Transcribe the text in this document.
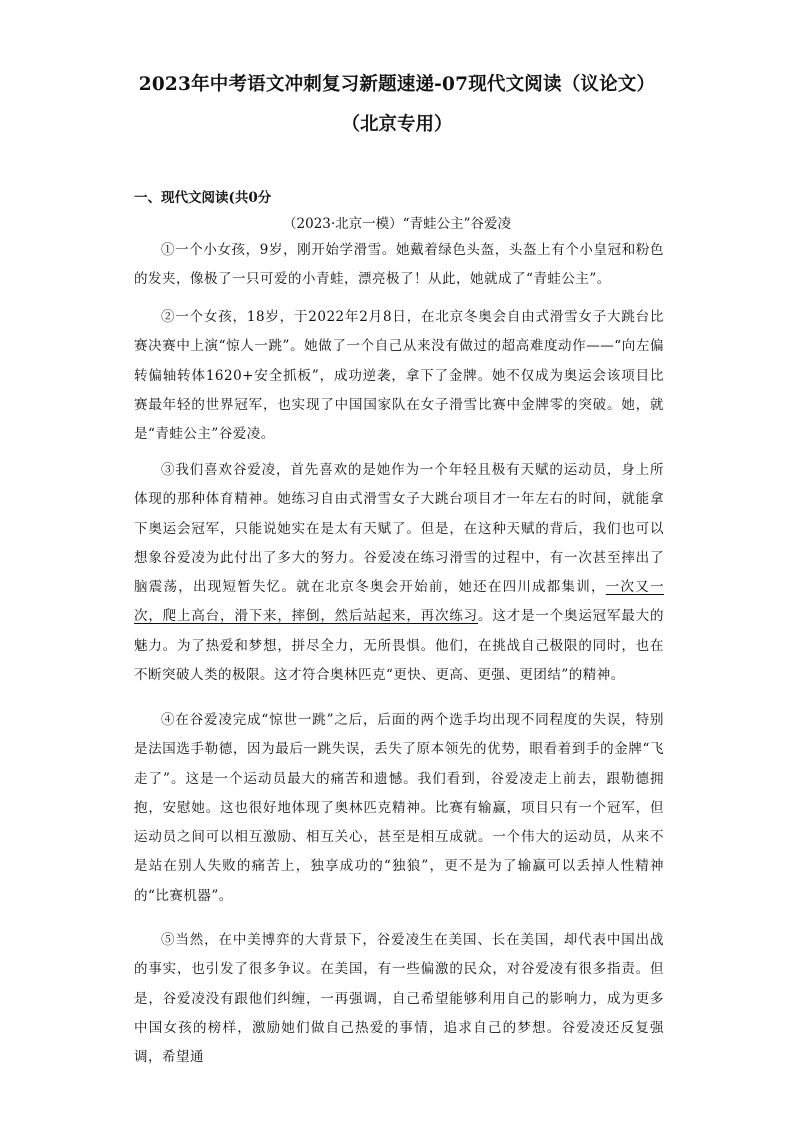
2023年中考语文冲刺复习新题速递-07现代文阅读（议论文）
（北京专用）
一、现代文阅读(共0分
（2023·北京一模）“青蛙公主”谷爱凌

①一个小女孩，9岁，刚开始学滑雪。她戴着绿色头盔，头盔上有个小皇冠和粉色的发夹，像极了一只可爱的小青蛙，漂亮极了！从此，她就成了“青蛙公主”。

②一个女孩，18岁，于2022年2月8日，在北京冬奥会自由式滑雪女子大跳台比赛决赛中上演“惊人一跳”。她做了一个自己从来没有做过的超高难度动作——“向左偏转偏轴转体1620+安全抓板”，成功逆袭，拿下了金牌。她不仅成为奥运会该项目比赛最年轻的世界冠军，也实现了中国国家队在女子滑雪比赛中金牌零的突破。她，就是“青蛙公主”谷爱凌。

③我们喜欢谷爱凌，首先喜欢的是她作为一个年轻且极有天赋的运动员，身上所体现的那种体育精神。她练习自由式滑雪女子大跳台项目才一年左右的时间，就能拿下奥运会冠军，只能说她实在是太有天赋了。但是，在这种天赋的背后，我们也可以想象谷爱凌为此付出了多大的努力。谷爱凌在练习滑雪的过程中，有一次甚至摔出了脑震荡，出现短暂失忆。就在北京冬奥会开始前，她还在四川成都集训，一次又一次，爬上高台，滑下来，摔倒，然后站起来，再次练习。这才是一个奥运冠军最大的魅力。为了热爱和梦想，拼尽全力，无所畏惧。他们，在挑战自己极限的同时，也在不断突破人类的极限。这才符合奥林匹克“更快、更高、更强、更团结”的精神。

④在谷爱凌完成“惊世一跳”之后，后面的两个选手均出现不同程度的失误，特别是法国选手勒德，因为最后一跳失误，丢失了原本领先的优势，眼看着到手的金牌“飞走了”。这是一个运动员最大的痛苦和遗憾。我们看到，谷爱凌走上前去，跟勒德拥抱，安慰她。这也很好地体现了奥林匹克精神。比赛有输赢，项目只有一个冠军，但运动员之间可以相互激励、相互关心，甚至是相互成就。一个伟大的运动员，从来不是站在别人失败的痛苦上，独享成功的“独狼”，更不是为了输赢可以丢掉人性精神的“比赛机器”。

⑤当然，在中美博弈的大背景下，谷爱凌生在美国、长在美国，却代表中国出战的事实，也引发了很多争议。在美国，有一些偏激的民众，对谷爱凌有很多指责。但是，谷爱凌没有跟他们纠缠，一再强调，自己希望能够利用自己的影响力，成为更多中国女孩的榜样，激励她们做自己热爱的事情，追求自己的梦想。谷爱凌还反复强调，希望通
